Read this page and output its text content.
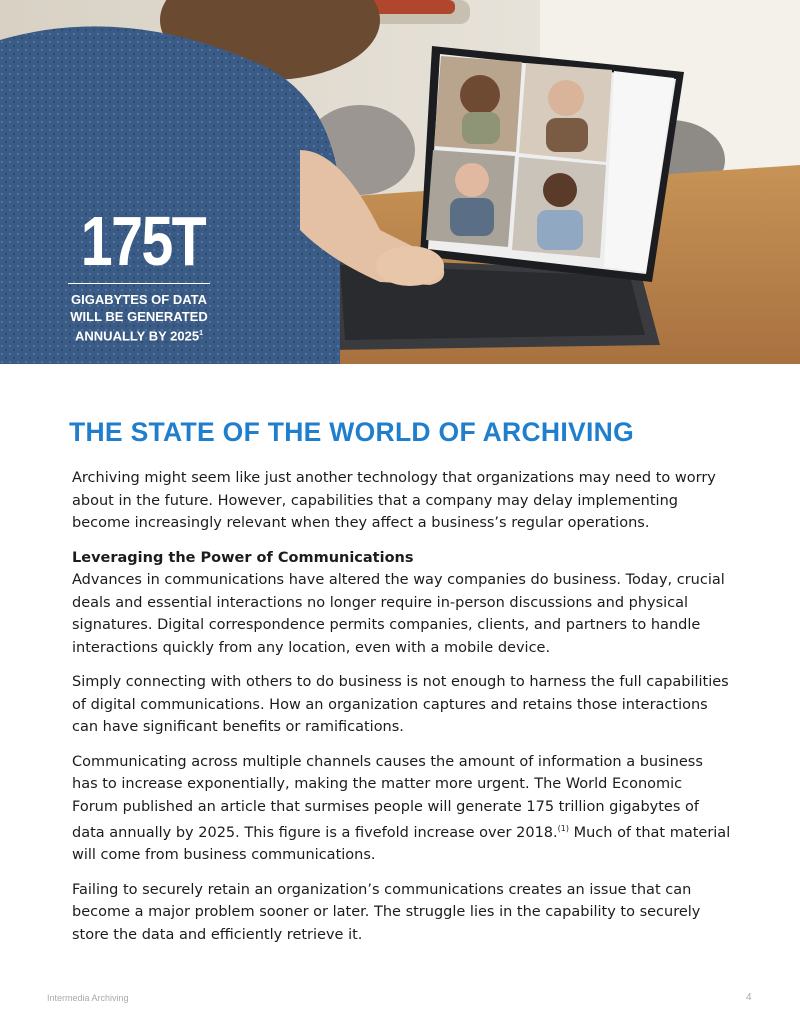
175T
GIGABYTES OF DATA
WILL BE GENERATED
ANNUALLY BY 2025$^1$
THE STATE OF THE WORLD OF ARCHIVING

Archiving might seem like just another technology that organizations may need to worry about in the future. However, capabilities that a company may delay implementing become increasingly relevant when they affect a business’s regular operations.

Leveraging the Power of Communications
Advances in communications have altered the way companies do business. Today, crucial deals and essential interactions no longer require in-person discussions and physical signatures. Digital correspondence permits companies, clients, and partners to handle interactions quickly from any location, even with a mobile device.

Simply connecting with others to do business is not enough to harness the full capabilities of digital communications. How an organization captures and retains those interactions can have significant benefits or ramifications.

Communicating across multiple channels causes the amount of information a business has to increase exponentially, making the matter more urgent. The World Economic Forum published an article that surmises people will generate 175 trillion gigabytes of data annually by 2025. This figure is a fivefold increase over 2018.$^{(1)}$ Much of that material will come from business communications.

Failing to securely retain an organization’s communications creates an issue that can become a major problem sooner or later. The struggle lies in the capability to securely store the data and efficiently retrieve it.

Intermedia Archiving	4
